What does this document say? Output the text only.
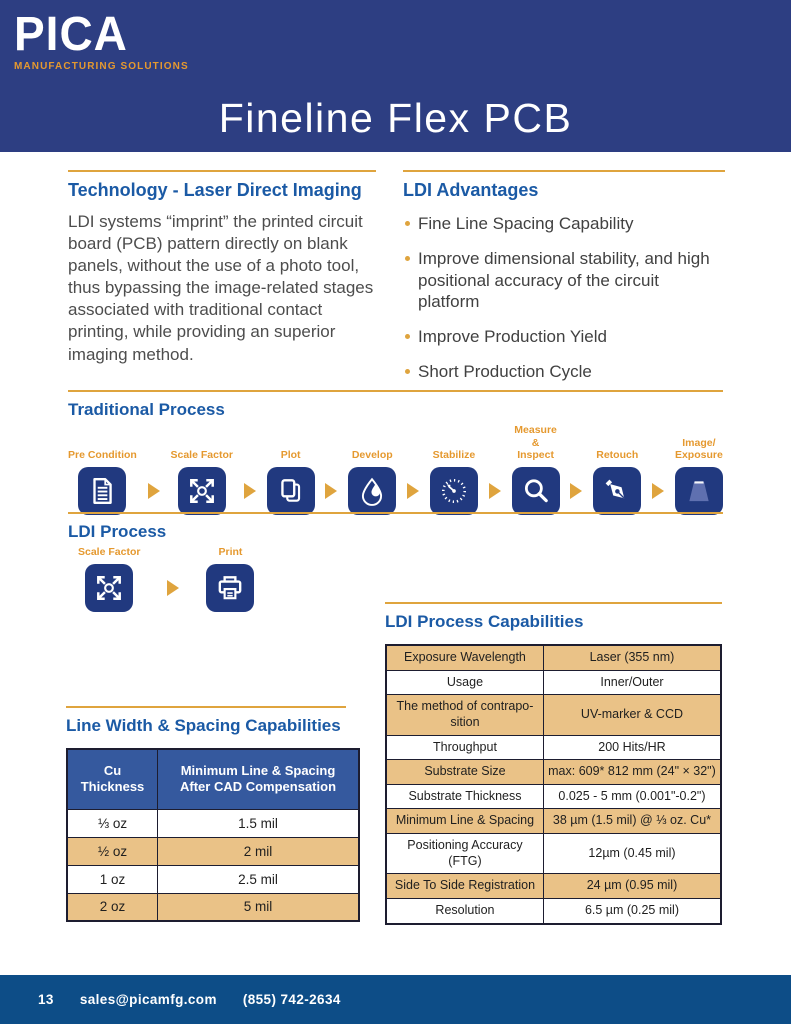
PICA
MANUFACTURING SOLUTIONS
Fineline Flex PCB
Technology - Laser Direct Imaging
LDI systems “imprint” the printed circuit board (PCB) pattern directly on blank panels, without the use of a photo tool, thus bypassing the image-related stages associated with traditional contact printing, while providing an superior imaging method.
LDI Advantages
Fine Line Spacing Capability
Improve dimensional stability, and high positional accuracy of the circuit platform
Improve Production Yield
Short Production Cycle
Traditional Process
Pre Condition	Scale Factor	Plot	Develop	Stabilize
Measure
&
Inspect	Retouch
Image/
Exposure
LDI Process
Scale Factor	Print
LDI Process Capabilities
Exposure Wavelength	Laser (355 nm)
Usage	Inner/Outer
The method of contrapo-sition	UV-marker & CCD
Throughput	200 Hits/HR
Substrate Size	max: 609* 812 mm (24" × 32")
Substrate Thickness	0.025 - 5 mm (0.001"-0.2")
Minimum Line & Spacing	38 µm (1.5 mil) @ ⅓ oz. Cu*
Positioning Accuracy (FTG)	12µm (0.45 mil)
Side To Side Registration	24 µm (0.95 mil)
Resolution	6.5 µm (0.25 mil)
Line Width & Spacing Capabilities
Cu Thickness	Minimum Line & Spacing After CAD Compensation
⅓ oz	1.5 mil
½ oz	2 mil
1 oz	2.5 mil
2 oz	5 mil
13 sales@picamfg.com (855) 742-2634
